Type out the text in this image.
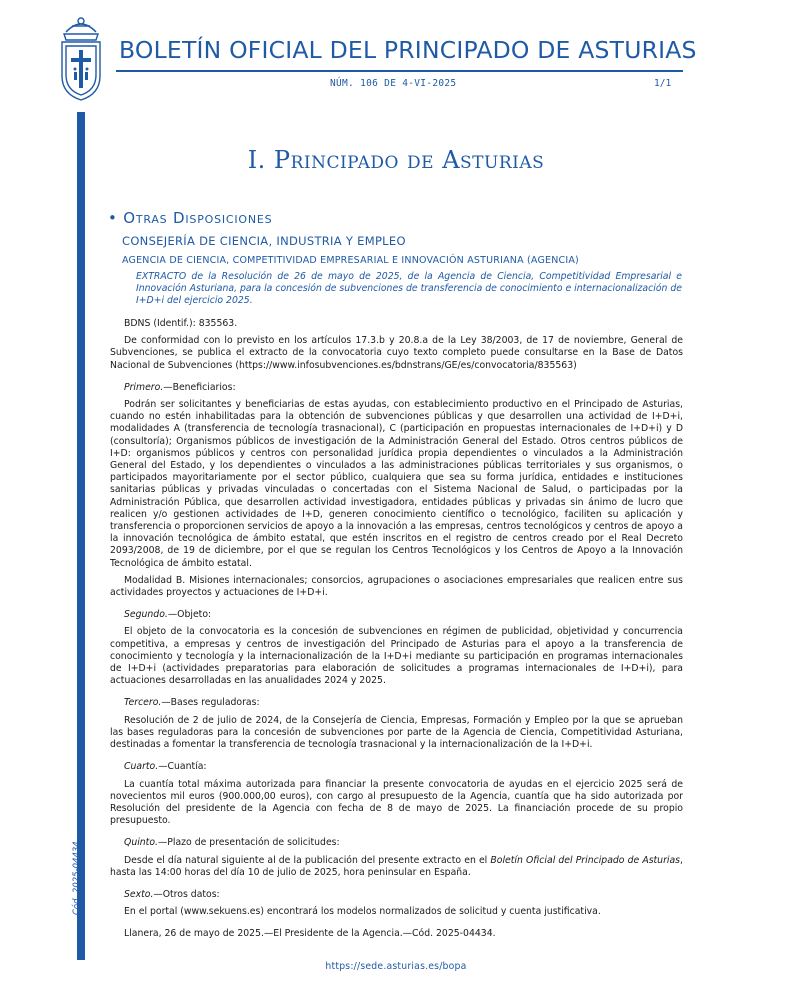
BOLETÍN OFICIAL DEL PRINCIPADO DE ASTURIAS
NÚM. 106 DE 4-VI-2025	1/1
Cód. 2025-04434
I. Principado de Asturias
• Otras Disposiciones
CONSEJERÍA DE CIENCIA, INDUSTRIA Y EMPLEO
AGENCIA DE CIENCIA, COMPETITIVIDAD EMPRESARIAL E INNOVACIÓN ASTURIANA (AGENCIA)
EXTRACTO de la Resolución de 26 de mayo de 2025, de la Agencia de Ciencia, Competitividad Empresarial e Innovación Asturiana, para la concesión de subvenciones de transferencia de conocimiento e internacionalización de I+D+i del ejercicio 2025.

BDNS (Identif.): 835563.

De conformidad con lo previsto en los artículos 17.3.b y 20.8.a de la Ley 38/2003, de 17 de noviembre, General de Subvenciones, se publica el extracto de la convocatoria cuyo texto completo puede consultarse en la Base de Datos Nacional de Subvenciones (https://www.infosubvenciones.es/bdnstrans/GE/es/convocatoria/835563)

Primero.—Beneficiarios:

Podrán ser solicitantes y beneficiarias de estas ayudas, con establecimiento productivo en el Principado de Asturias, cuando no estén inhabilitadas para la obtención de subvenciones públicas y que desarrollen una actividad de I+D+i, modalidades A (transferencia de tecnología trasnacional), C (participación en propuestas internacionales de I+D+i) y D (consultoría); Organismos públicos de investigación de la Administración General del Estado. Otros centros públicos de I+D: organismos públicos y centros con personalidad jurídica propia dependientes o vinculados a la Administración General del Estado, y los dependientes o vinculados a las administraciones públicas territoriales y sus organismos, o participados mayoritariamente por el sector público, cualquiera que sea su forma jurídica, entidades e instituciones sanitarias públicas y privadas vinculadas o concertadas con el Sistema Nacional de Salud, o participadas por la Administración Pública, que desarrollen actividad investigadora, entidades públicas y privadas sin ánimo de lucro que realicen y/o gestionen actividades de I+D, generen conocimiento científico o tecnológico, faciliten su aplicación y transferencia o proporcionen servicios de apoyo a la innovación a las empresas, centros tecnológicos y centros de apoyo a la innovación tecnológica de ámbito estatal, que estén inscritos en el registro de centros creado por el Real Decreto 2093/2008, de 19 de diciembre, por el que se regulan los Centros Tecnológicos y los Centros de Apoyo a la Innovación Tecnológica de ámbito estatal.

Modalidad B. Misiones internacionales; consorcios, agrupaciones o asociaciones empresariales que realicen entre sus actividades proyectos y actuaciones de I+D+i.

Segundo.—Objeto:

El objeto de la convocatoria es la concesión de subvenciones en régimen de publicidad, objetividad y concurrencia competitiva, a empresas y centros de investigación del Principado de Asturias para el apoyo a la transferencia de conocimiento y tecnología y la internacionalización de la I+D+i mediante su participación en programas internacionales de I+D+i (actividades preparatorias para elaboración de solicitudes a programas internacionales de I+D+i), para actuaciones desarrolladas en las anualidades 2024 y 2025.

Tercero.—Bases reguladoras:

Resolución de 2 de julio de 2024, de la Consejería de Ciencia, Empresas, Formación y Empleo por la que se aprueban las bases reguladoras para la concesión de subvenciones por parte de la Agencia de Ciencia, Competitividad Asturiana, destinadas a fomentar la transferencia de tecnología trasnacional y la internacionalización de la I+D+i.

Cuarto.—Cuantía:

La cuantía total máxima autorizada para financiar la presente convocatoria de ayudas en el ejercicio 2025 será de novecientos mil euros (900.000,00 euros), con cargo al presupuesto de la Agencia, cuantía que ha sido autorizada por Resolución del presidente de la Agencia con fecha de 8 de mayo de 2025. La financiación procede de su propio presupuesto.

Quinto.—Plazo de presentación de solicitudes:

Desde el día natural siguiente al de la publicación del presente extracto en el Boletín Oficial del Principado de Asturias, hasta las 14:00 horas del día 10 de julio de 2025, hora peninsular en España.

Sexto.—Otros datos:

En el portal (www.sekuens.es) encontrará los modelos normalizados de solicitud y cuenta justificativa.

Llanera, 26 de mayo de 2025.—El Presidente de la Agencia.—Cód. 2025-04434.

https://sede.asturias.es/bopa
